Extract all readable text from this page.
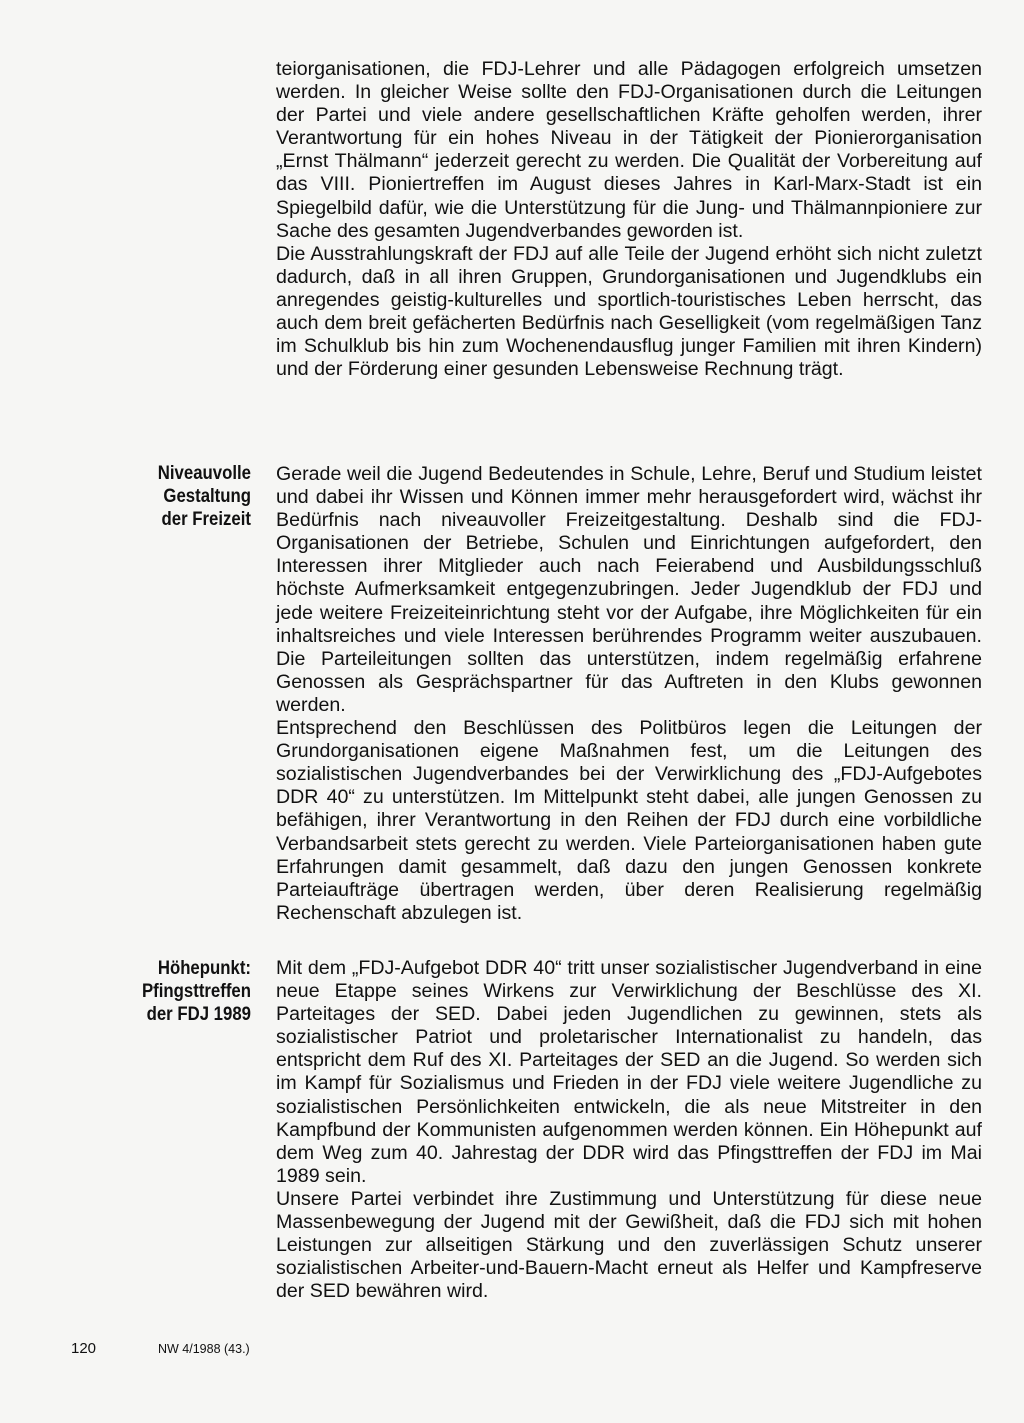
teiorganisationen, die FDJ-Lehrer und alle Pädagogen erfolgreich umsetzen werden. In gleicher Weise sollte den FDJ-Organisationen durch die Leitungen der Partei und viele andere gesellschaftlichen Kräfte geholfen werden, ihrer Verantwortung für ein hohes Niveau in der Tätigkeit der Pionierorganisation „Ernst Thälmann“ jederzeit gerecht zu werden. Die Qualität der Vorbereitung auf das VIII. Pioniertreffen im August dieses Jahres in Karl-Marx-Stadt ist ein Spiegelbild dafür, wie die Unterstützung für die Jung- und Thälmannpioniere zur Sache des gesamten Jugendverbandes geworden ist.

Die Ausstrahlungskraft der FDJ auf alle Teile der Jugend erhöht sich nicht zuletzt dadurch, daß in all ihren Gruppen, Grundorganisationen und Jugendklubs ein anregendes geistig-kulturelles und sportlich-touristisches Leben herrscht, das auch dem breit gefächerten Bedürfnis nach Geselligkeit (vom regelmäßigen Tanz im Schulklub bis hin zum Wochenendausflug junger Familien mit ihren Kindern) und der Förderung einer gesunden Lebensweise Rechnung trägt.

Niveauvolle
Gestaltung
der Freizeit

Gerade weil die Jugend Bedeutendes in Schule, Lehre, Beruf und Studium leistet und dabei ihr Wissen und Können immer mehr herausgefordert wird, wächst ihr Bedürfnis nach niveauvoller Freizeitgestaltung. Deshalb sind die FDJ-Organisationen der Betriebe, Schulen und Einrichtungen aufgefordert, den Interessen ihrer Mitglieder auch nach Feierabend und Ausbildungsschluß höchste Aufmerksamkeit entgegenzubringen. Jeder Jugendklub der FDJ und jede weitere Freizeiteinrichtung steht vor der Aufgabe, ihre Möglichkeiten für ein inhaltsreiches und viele Interessen berührendes Programm weiter auszubauen. Die Parteileitungen sollten das unterstützen, indem regelmäßig erfahrene Genossen als Gesprächspartner für das Auftreten in den Klubs gewonnen werden.

Entsprechend den Beschlüssen des Politbüros legen die Leitungen der Grundorganisationen eigene Maßnahmen fest, um die Leitungen des sozialistischen Jugendverbandes bei der Verwirklichung des „FDJ-Aufgebotes DDR 40“ zu unterstützen. Im Mittelpunkt steht dabei, alle jungen Genossen zu befähigen, ihrer Verantwortung in den Reihen der FDJ durch eine vorbildliche Verbandsarbeit stets gerecht zu werden. Viele Parteiorganisationen haben gute Erfahrungen damit gesammelt, daß dazu den jungen Genossen konkrete Parteiaufträge übertragen werden, über deren Realisierung regelmäßig Rechenschaft abzulegen ist.

Höhepunkt:
Pfingsttreffen
der FDJ 1989

Mit dem „FDJ-Aufgebot DDR 40“ tritt unser sozialistischer Jugendverband in eine neue Etappe seines Wirkens zur Verwirklichung der Beschlüsse des XI. Parteitages der SED. Dabei jeden Jugendlichen zu gewinnen, stets als sozialistischer Patriot und proletarischer Internationalist zu handeln, das entspricht dem Ruf des XI. Parteitages der SED an die Jugend. So werden sich im Kampf für Sozialismus und Frieden in der FDJ viele weitere Jugendliche zu sozialistischen Persönlichkeiten entwickeln, die als neue Mitstreiter in den Kampfbund der Kommunisten aufgenommen werden können. Ein Höhepunkt auf dem Weg zum 40. Jahrestag der DDR wird das Pfingsttreffen der FDJ im Mai 1989 sein.

Unsere Partei verbindet ihre Zustimmung und Unterstützung für diese neue Massenbewegung der Jugend mit der Gewißheit, daß die FDJ sich mit hohen Leistungen zur allseitigen Stärkung und den zuverlässigen Schutz unserer sozialistischen Arbeiter-und-Bauern-Macht erneut als Helfer und Kampfreserve der SED bewähren wird.

120	NW 4/1988 (43.)
